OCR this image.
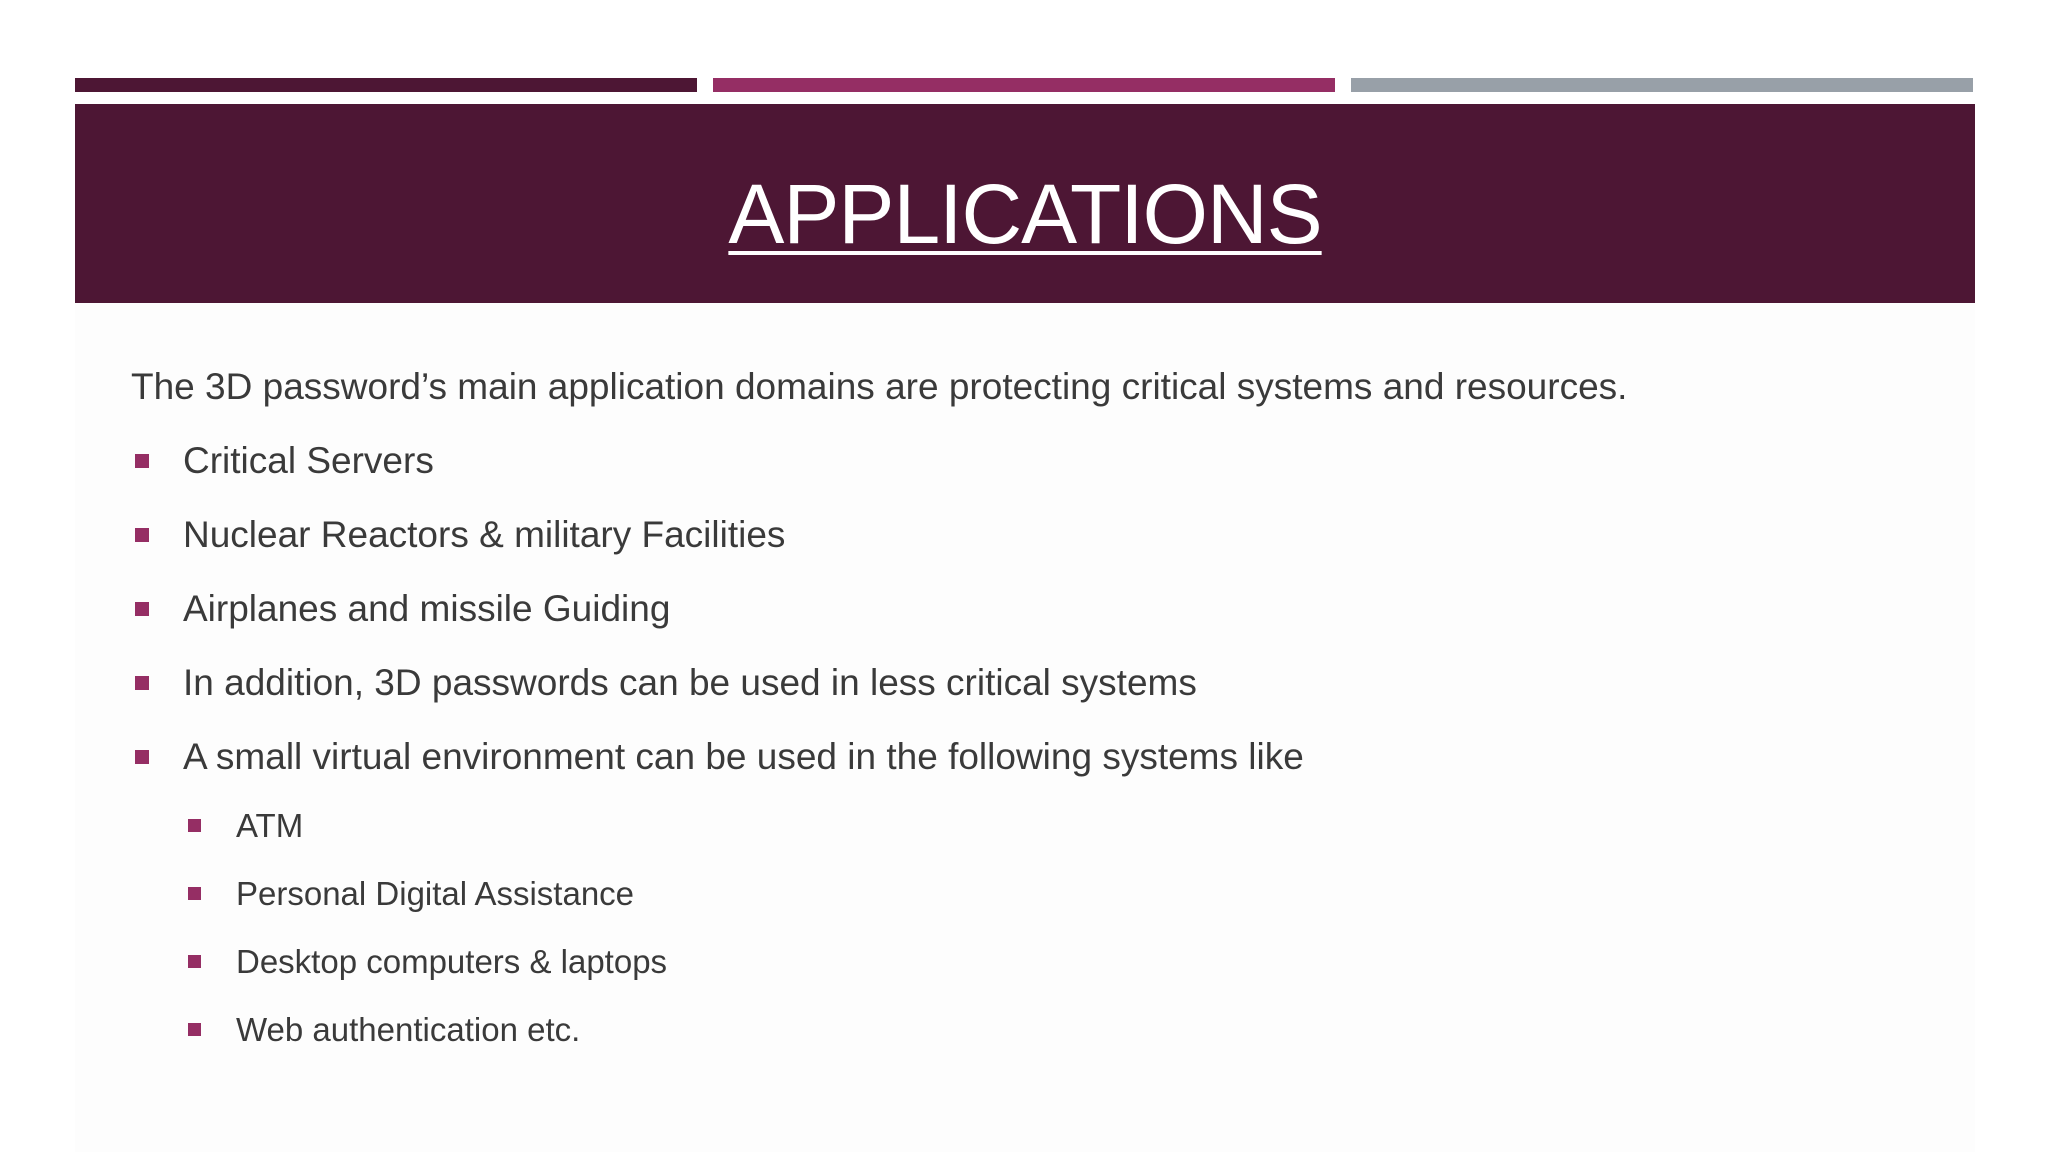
APPLICATIONS

The 3D password’s main application domains are protecting critical systems and resources.

Critical Servers
Nuclear Reactors & military Facilities
Airplanes and missile Guiding
In addition, 3D passwords can be used in less critical systems
A small virtual environment can be used in the following systems like
ATM
Personal Digital Assistance
Desktop computers & laptops
Web authentication etc.
